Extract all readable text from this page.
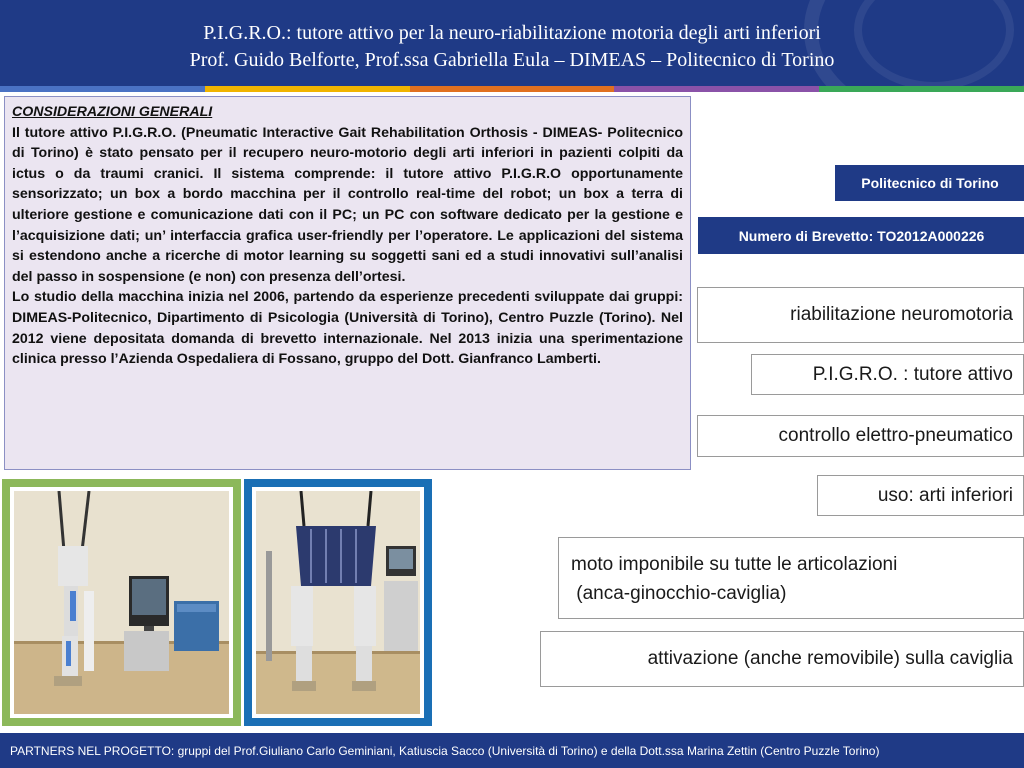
P.I.G.R.O.: tutore attivo per la neuro-riabilitazione motoria degli arti inferiori
Prof. Guido Belforte, Prof.ssa Gabriella Eula – DIMEAS – Politecnico di Torino
CONSIDERAZIONI GENERALI

Il tutore attivo P.I.G.R.O. (Pneumatic Interactive Gait Rehabilitation Orthosis - DIMEAS- Politecnico di Torino) è stato pensato per il recupero neuro-motorio degli arti inferiori in pazienti colpiti da ictus o da traumi cranici. Il sistema comprende: il tutore attivo P.I.G.R.O opportunamente sensorizzato; un box a bordo macchina per il controllo real-time del robot; un box a terra di ulteriore gestione e comunicazione dati con il PC; un PC con software dedicato per la gestione e l’acquisizione dati; un’ interfaccia grafica user-friendly per l’operatore. Le applicazioni del sistema si estendono anche a ricerche di motor learning su soggetti sani ed a studi innovativi sull’analisi del passo in sospensione (e non) con presenza dell’ortesi.

Lo studio della macchina inizia nel 2006, partendo da esperienze precedenti sviluppate dai gruppi: DIMEAS-Politecnico, Dipartimento di Psicologia (Università di Torino), Centro Puzzle (Torino). Nel 2012 viene depositata domanda di brevetto internazionale. Nel 2013 inizia una sperimentazione clinica presso l’Azienda Ospedaliera di Fossano, gruppo del Dott. Gianfranco Lamberti.

Politecnico di Torino
Numero di Brevetto: TO2012A000226
riabilitazione neuromotoria
P.I.G.R.O. : tutore attivo
controllo elettro-pneumatico
uso: arti inferiori
moto imponibile su tutte le articolazioni
(anca-ginocchio-caviglia)
attivazione (anche removibile) sulla caviglia
PARTNERS NEL PROGETTO: gruppi del Prof.Giuliano Carlo Geminiani, Katiuscia Sacco (Università di Torino) e della Dott.ssa Marina Zettin (Centro Puzzle Torino)
